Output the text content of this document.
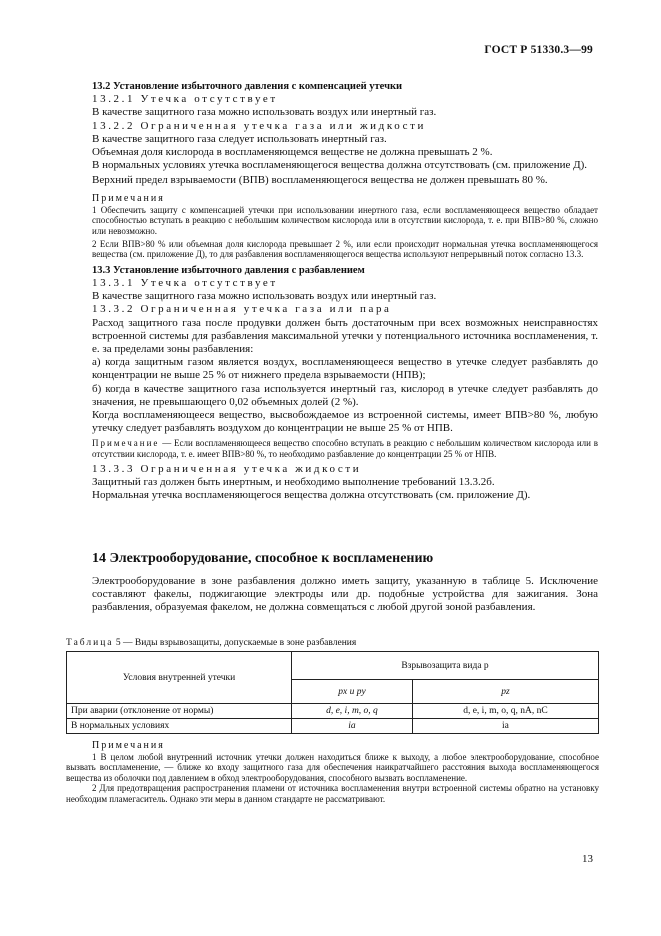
ГОСТ Р 51330.3—99

13.2 Установление избыточного давления с компенсацией утечки

13.2.1 Утечка отсутствует

В качестве защитного газа можно использовать воздух или инертный газ.

13.2.2 Ограниченная утечка газа или жидкости

В качестве защитного газа следует использовать инертный газ.

Объемная доля кислорода в воспламеняющемся веществе не должна превышать 2 %.

В нормальных условиях утечка воспламеняющегося вещества должна отсутствовать (см. приложение Д).

Верхний предел взрываемости (ВПВ) воспламеняющегося вещества не должен превышать 80 %.

Примечания

1 Обеспечить защиту с компенсацией утечки при использовании инертного газа, если воспламеняющееся вещество обладает способностью вступать в реакцию с небольшим количеством кислорода или в отсутствии кислорода, т. е. при ВПВ>80 %, сложно или невозможно.

2 Если ВПВ>80 % или объемная доля кислорода превышает 2 %, или если происходит нормальная утечка воспламеняющегося вещества (см. приложение Д), то для разбавления воспламеняющегося вещества используют непрерывный поток согласно 13.3.

13.3 Установление избыточного давления с разбавлением

13.3.1 Утечка отсутствует

В качестве защитного газа можно использовать воздух или инертный газ.

13.3.2 Ограниченная утечка газа или пара

Расход защитного газа после продувки должен быть достаточным при всех возможных неисправностях встроенной системы для разбавления максимальной утечки у потенциального источника воспламенения, т. е. за пределами зоны разбавления:

а) когда защитным газом является воздух, воспламеняющееся вещество в утечке следует разбавлять до концентрации не выше 25 % от нижнего предела взрываемости (НПВ);

б) когда в качестве защитного газа используется инертный газ, кислород в утечке следует разбавлять до значения, не превышающего 0,02 объемных долей (2 %).

Когда воспламеняющееся вещество, высвобождаемое из встроенной системы, имеет ВПВ>80 %, любую утечку следует разбавлять воздухом до концентрации не выше 25 % от НПВ.

Примечание — Если воспламеняющееся вещество способно вступать в реакцию с небольшим количеством кислорода или в отсутствии кислорода, т. е. имеет ВПВ>80 %, то необходимо разбавление до концентрации 25 % от НПВ.

13.3.3 Ограниченная утечка жидкости

Защитный газ должен быть инертным, и необходимо выполнение требований 13.3.2б.

Нормальная утечка воспламеняющегося вещества должна отсутствовать (см. приложение Д).

14 Электрооборудование, способное к воспламенению
Электрооборудование в зоне разбавления должно иметь защиту, указанную в таблице 5. Исключение составляют факелы, поджигающие электроды или др. подобные устройства для зажигания. Зона разбавления, образуемая факелом, не должна совмещаться с любой другой зоной разбавления.
Таблица 5 — Виды взрывозащиты, допускаемые в зоне разбавления
Условия внутренней утечки	Взрывозащита вида р	
	px и py	pz
При аварии (отклонение от нормы)	d, e, i, m, o, q	d, e, i, m, o, q, nA, nC
В нормальных условиях	ia	ia

Примечания

1 В целом любой внутренний источник утечки должен находиться ближе к выходу, а любое электрооборудование, способное вызвать воспламенение, — ближе ко входу защитного газа для обеспечения наикратчайшего расстояния выхода воспламеняющегося вещества из оболочки под давлением в обход электрооборудования, способного вызвать воспламенение.

2 Для предотвращения распространения пламени от источника воспламенения внутри встроенной системы обратно на установку необходим пламегаситель. Однако эти меры в данном стандарте не рассматривают.

13
